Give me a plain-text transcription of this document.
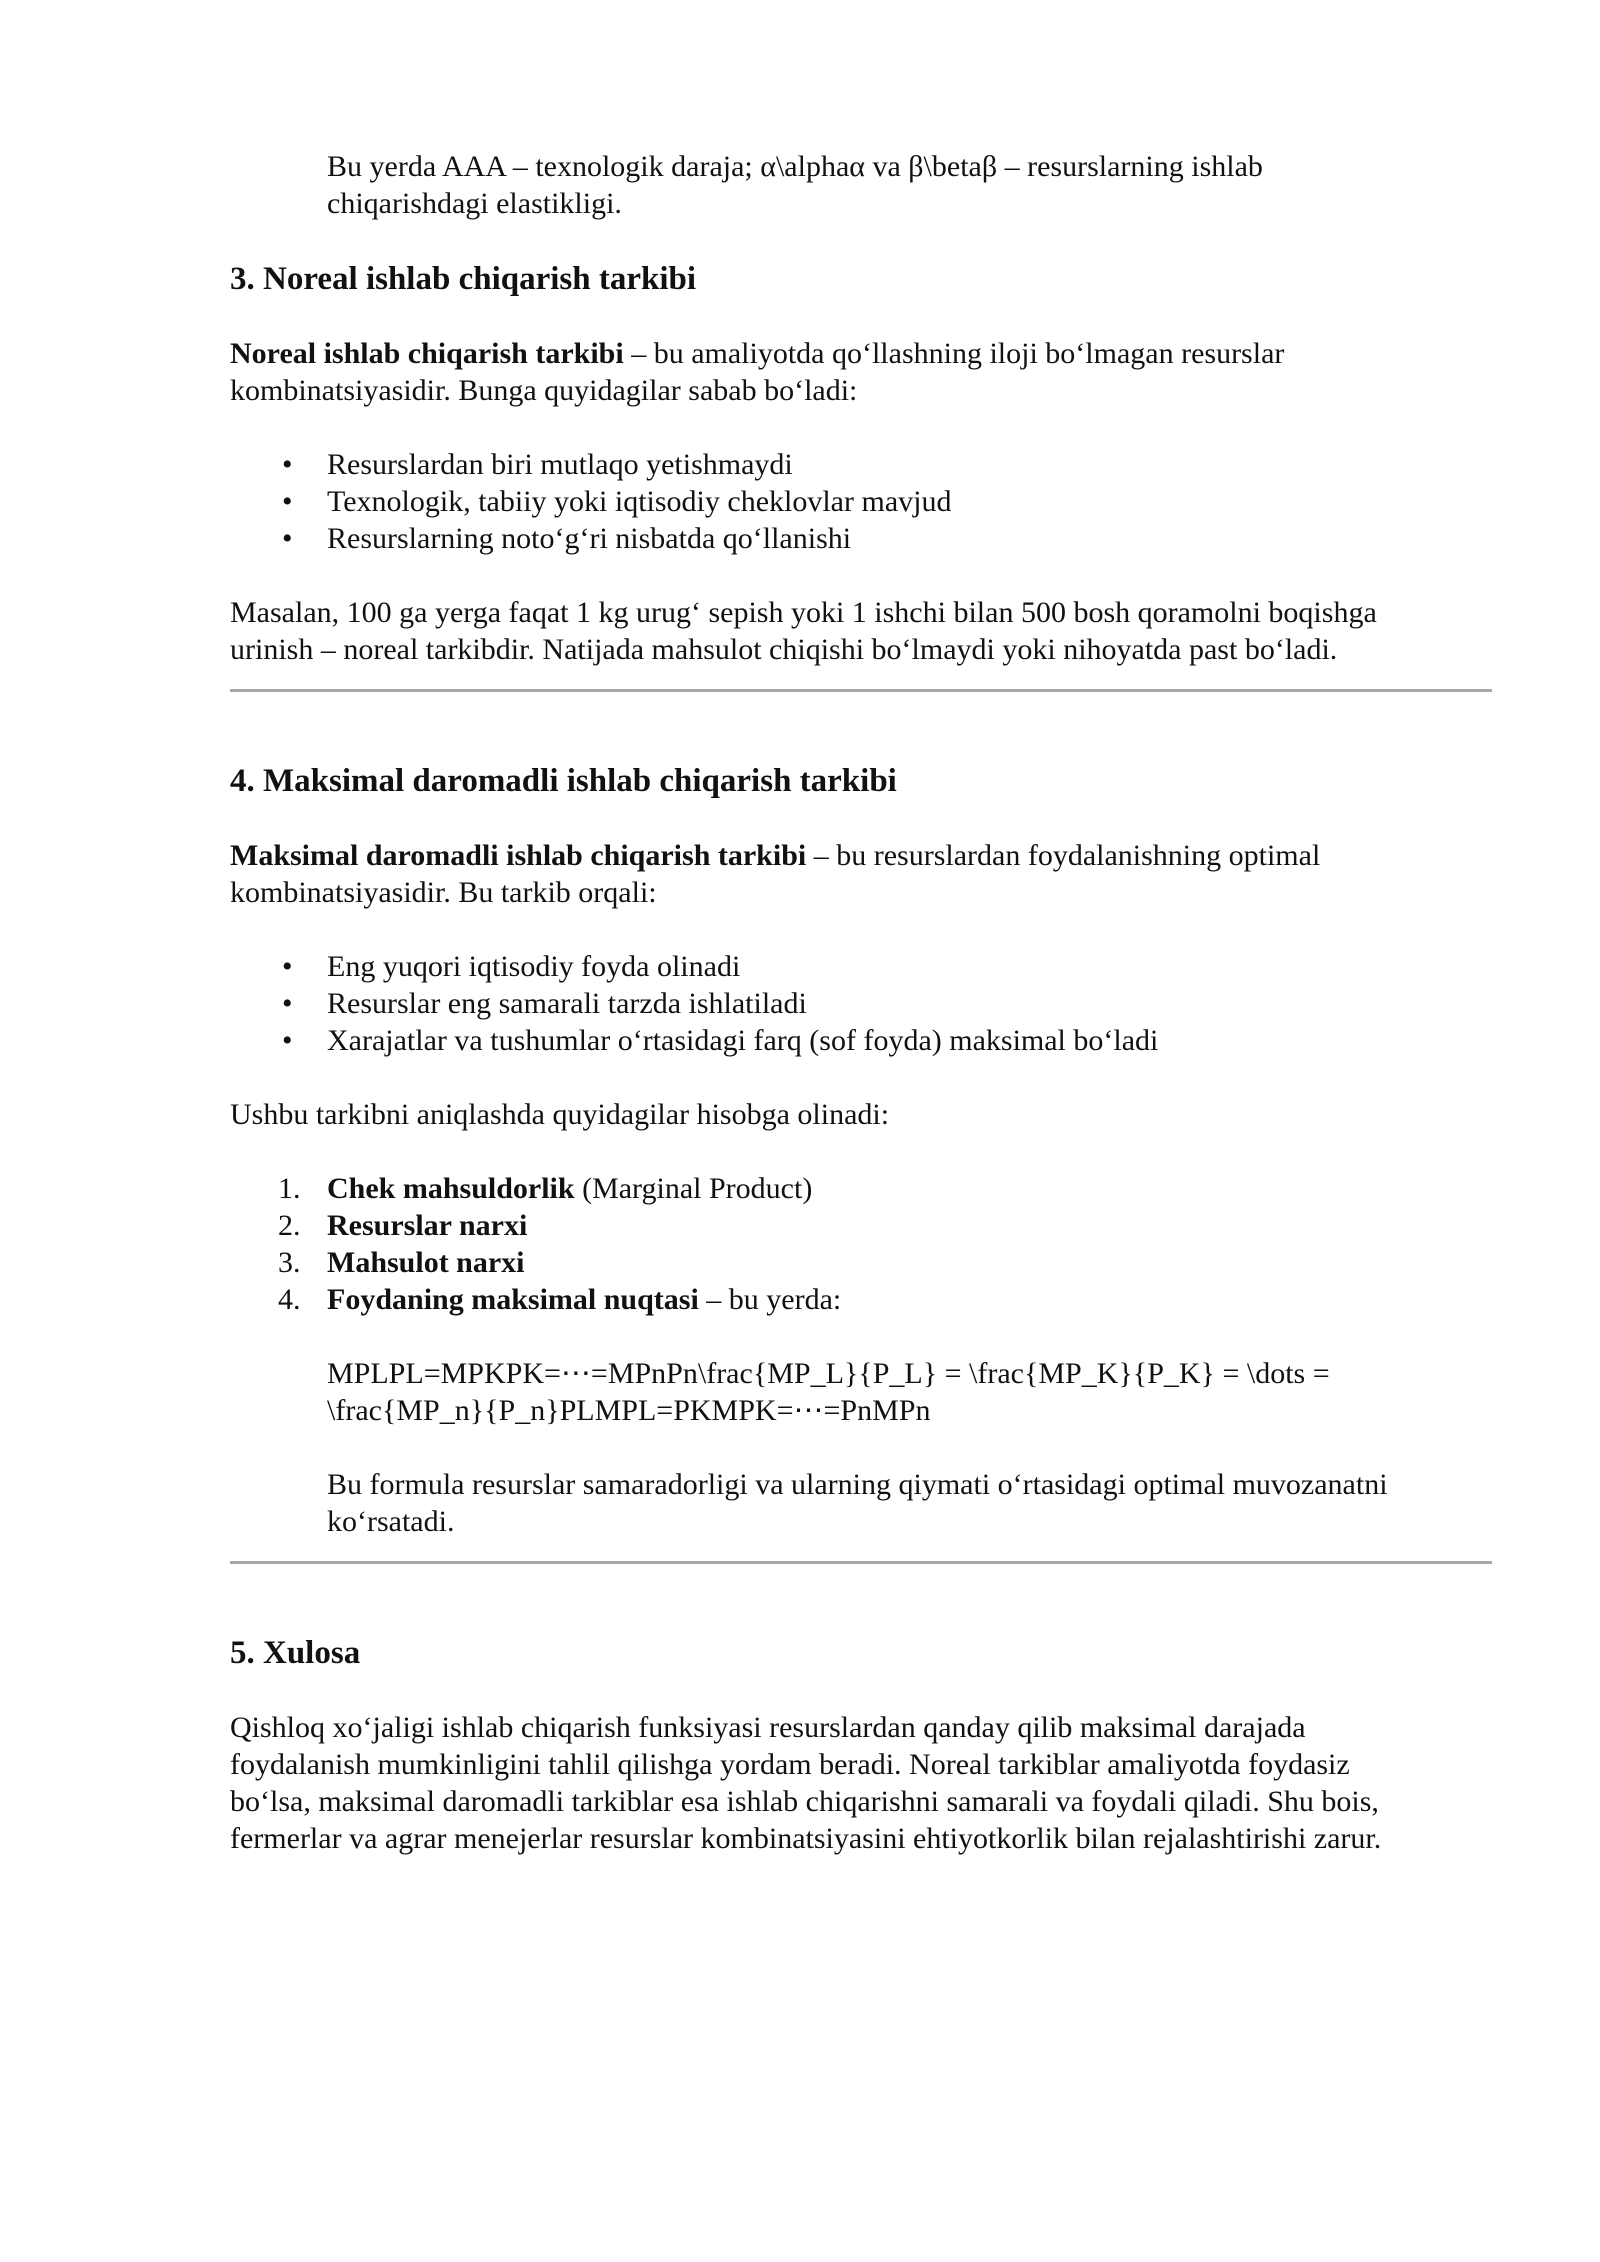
Bu yerda AAA – texnologik daraja; α\alphaα va β\betaβ – resurslarning ishlab

chiqarishdagi elastikligi.

3. Noreal ishlab chiqarish tarkibi

Noreal ishlab chiqarish tarkibi – bu amaliyotda qo‘llashning iloji bo‘lmagan resurslar

kombinatsiyasidir. Bunga quyidagilar sabab bo‘ladi:

• Resurslardan biri mutlaqo yetishmaydi
• Texnologik, tabiiy yoki iqtisodiy cheklovlar mavjud
• Resurslarning noto‘g‘ri nisbatda qo‘llanishi

Masalan, 100 ga yerga faqat 1 kg urug‘ sepish yoki 1 ishchi bilan 500 bosh qoramolni boqishga

urinish – noreal tarkibdir. Natijada mahsulot chiqishi bo‘lmaydi yoki nihoyatda past bo‘ladi.

4. Maksimal daromadli ishlab chiqarish tarkibi

Maksimal daromadli ishlab chiqarish tarkibi – bu resurslardan foydalanishning optimal

kombinatsiyasidir. Bu tarkib orqali:

• Eng yuqori iqtisodiy foyda olinadi
• Resurslar eng samarali tarzda ishlatiladi
• Xarajatlar va tushumlar o‘rtasidagi farq (sof foyda) maksimal bo‘ladi

Ushbu tarkibni aniqlashda quyidagilar hisobga olinadi:

1. Chek mahsuldorlik (Marginal Product)
2. Resurslar narxi
3. Mahsulot narxi
4. Foydaning maksimal nuqtasi – bu yerda:

MPLPL=MPKPK=⋯=MPnPn\frac{MP_L}{P_L} = \frac{MP_K}{P_K} = \dots =

\frac{MP_n}{P_n}PLMPL=PKMPK=⋯=PnMPn

Bu formula resurslar samaradorligi va ularning qiymati o‘rtasidagi optimal muvozanatni

ko‘rsatadi.

5. Xulosa

Qishloq xo‘jaligi ishlab chiqarish funksiyasi resurslardan qanday qilib maksimal darajada

foydalanish mumkinligini tahlil qilishga yordam beradi. Noreal tarkiblar amaliyotda foydasiz

bo‘lsa, maksimal daromadli tarkiblar esa ishlab chiqarishni samarali va foydali qiladi. Shu bois,

fermerlar va agrar menejerlar resurslar kombinatsiyasini ehtiyotkorlik bilan rejalashtirishi zarur.
